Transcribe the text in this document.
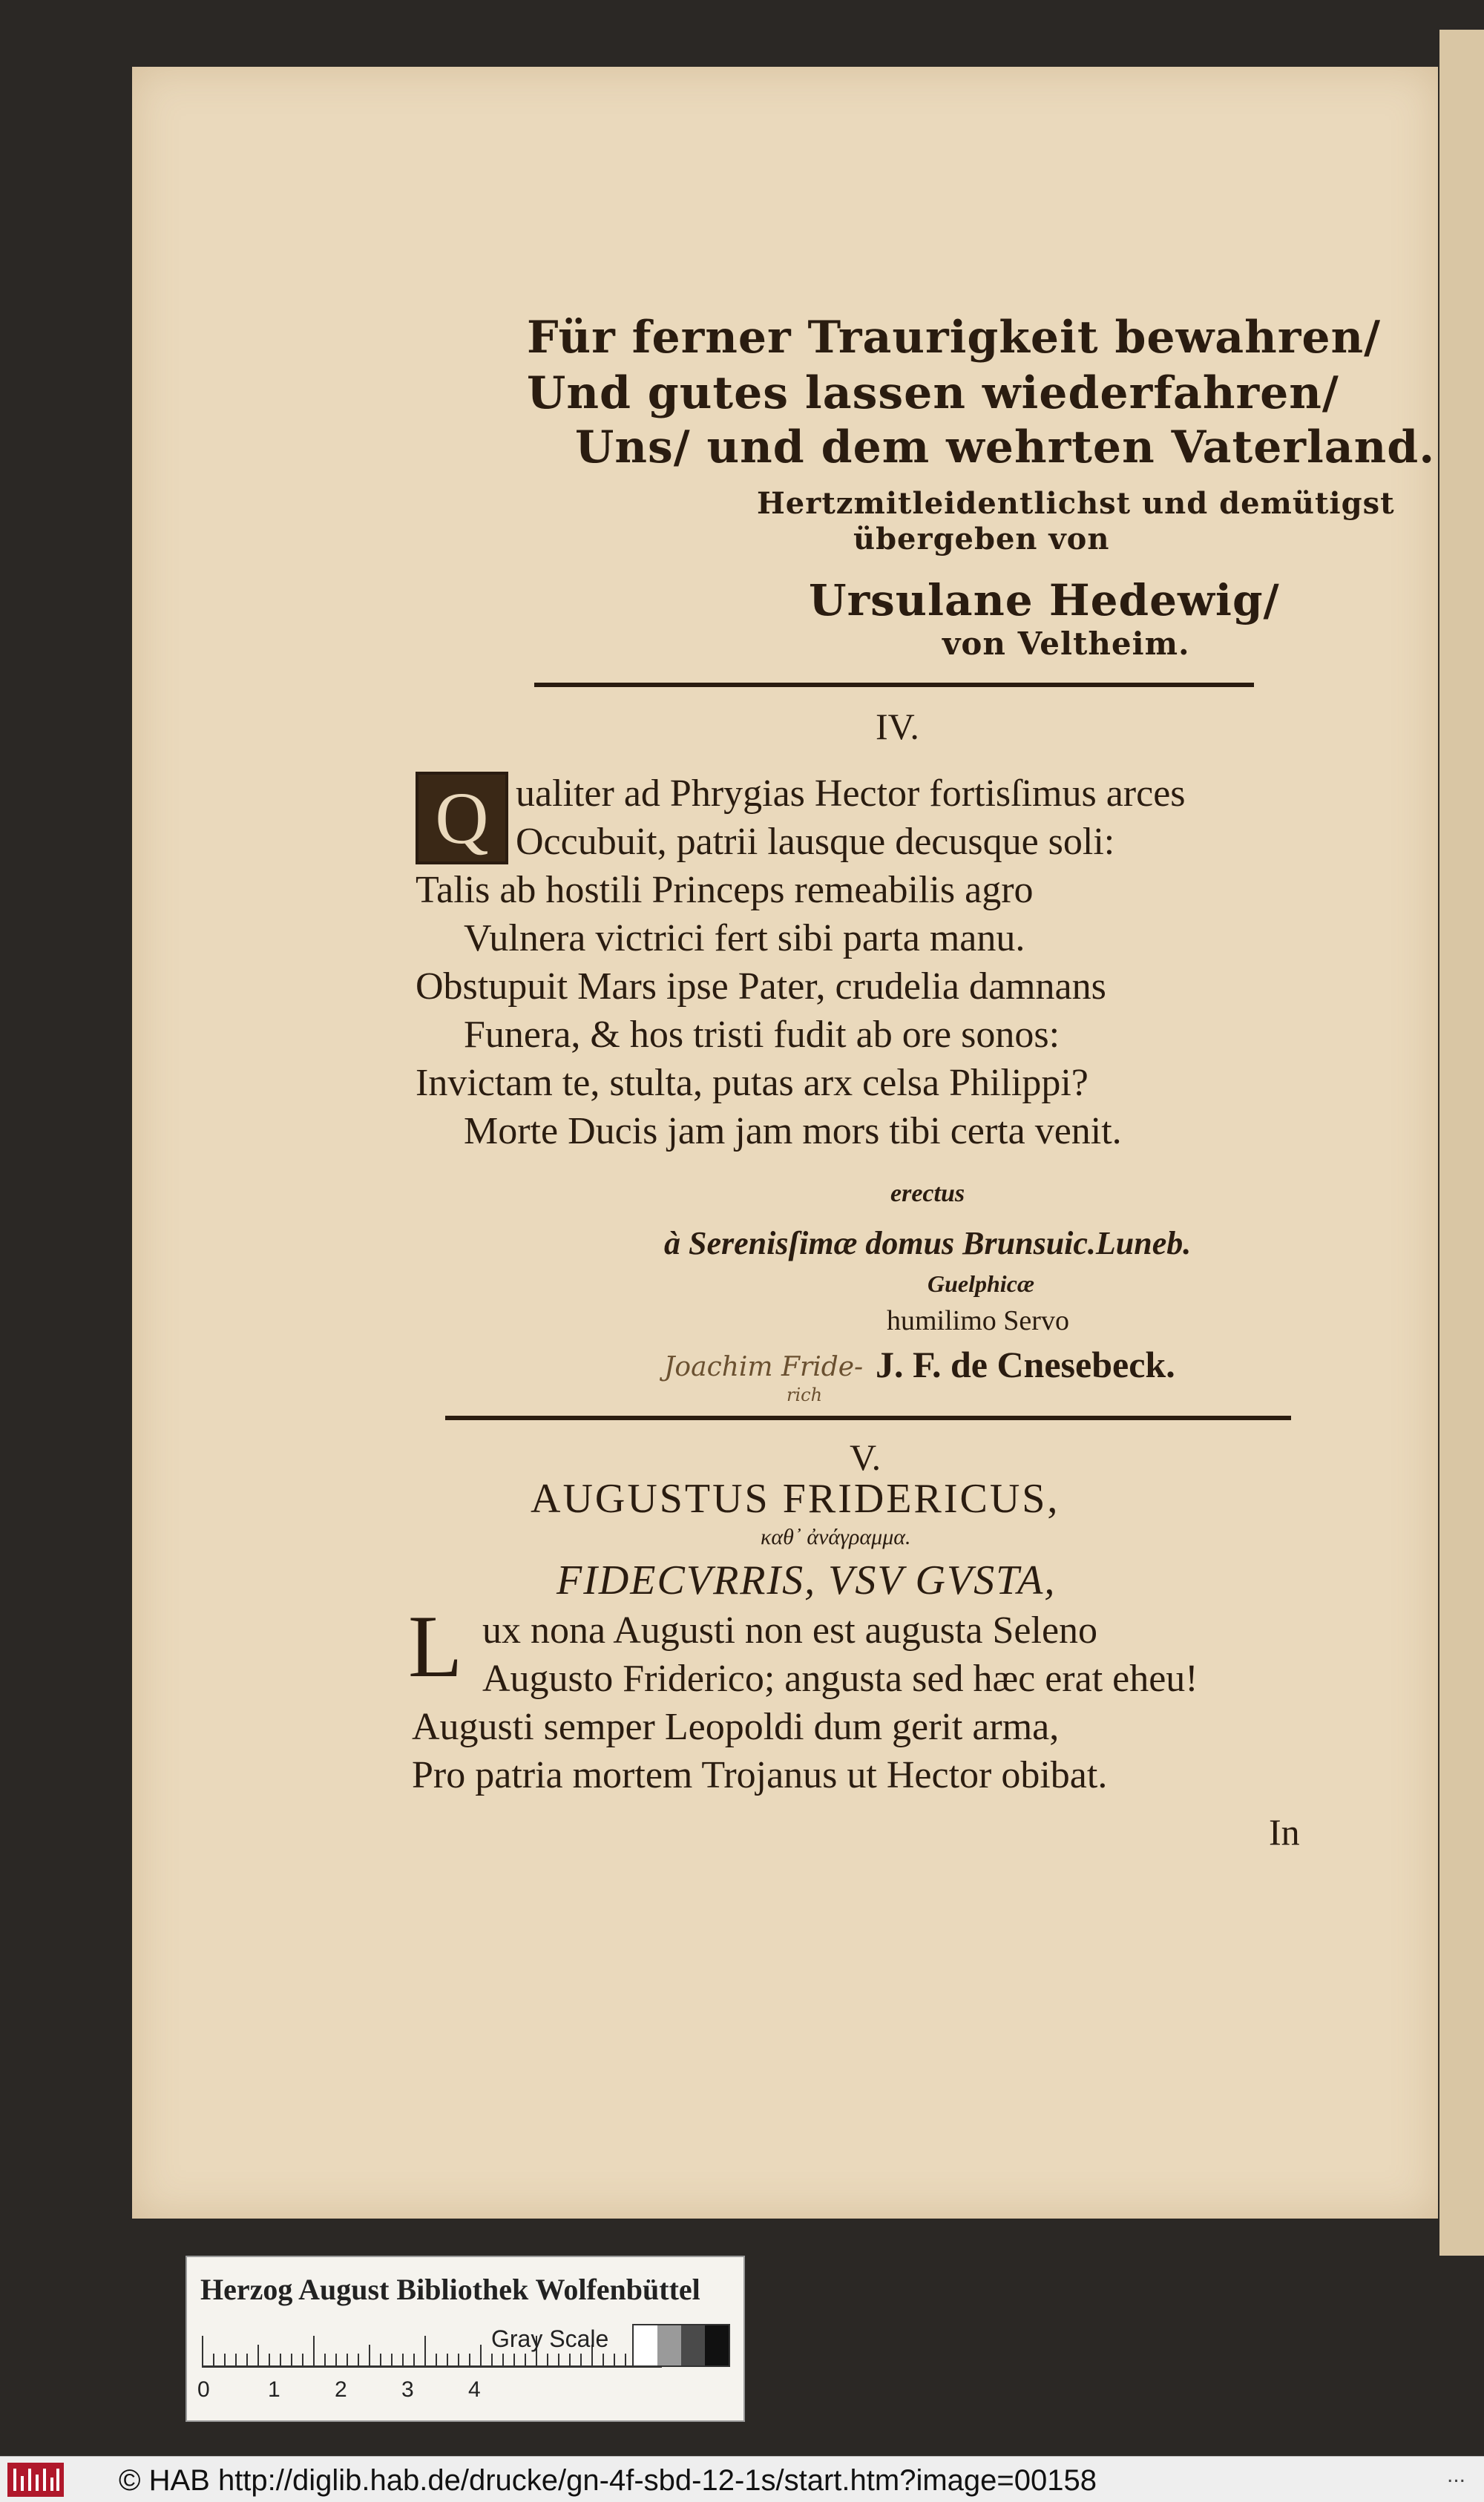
Für ferner Traurigkeit bewahren/
Und gutes lassen wiederfahren/
Uns/ und dem wehrten Vaterland.
Hertzmitleidentlichst und demütigst
übergeben von
Ursulane Hedewig/
von Veltheim.
IV.
Q ualiter ad Phrygias Hector fortisſimus arces
Occubuit, patrii lausque decusque soli:
Talis ab hostili Princeps remeabilis agro
Vulnera victrici fert sibi parta manu.
Obstupuit Mars ipse Pater, crudelia damnans
Funera, & hos tristi fudit ab ore sonos:
Invictam te, stulta, putas arx celsa Philippi?
Morte Ducis jam jam mors tibi certa venit.
erectus
à Serenisſimæ domus Brunsuic.Luneb.
Guelphicæ
humilimo Servo
Joachim Fride-
rich
J. F. de Cnesebeck.
V.
AUGUSTUS FRIDERICUS,
καθ᾽ ἀνάγραμμα.
FIDECVRRIS, VSV GVSTA,
L ux nona Augusti non est augusta Seleno
Augusto Friderico; angusta sed hæc erat eheu!
Augusti semper Leopoldi dum gerit arma,
Pro patria mortem Trojanus ut Hector obibat.
In
Herzog August Bibliothek Wolfenbüttel
Gray Scale
0	1 2 3 4
© HAB http://diglib.hab.de/drucke/gn-4f-sbd-12-1s/start.htm?image=00158	...
